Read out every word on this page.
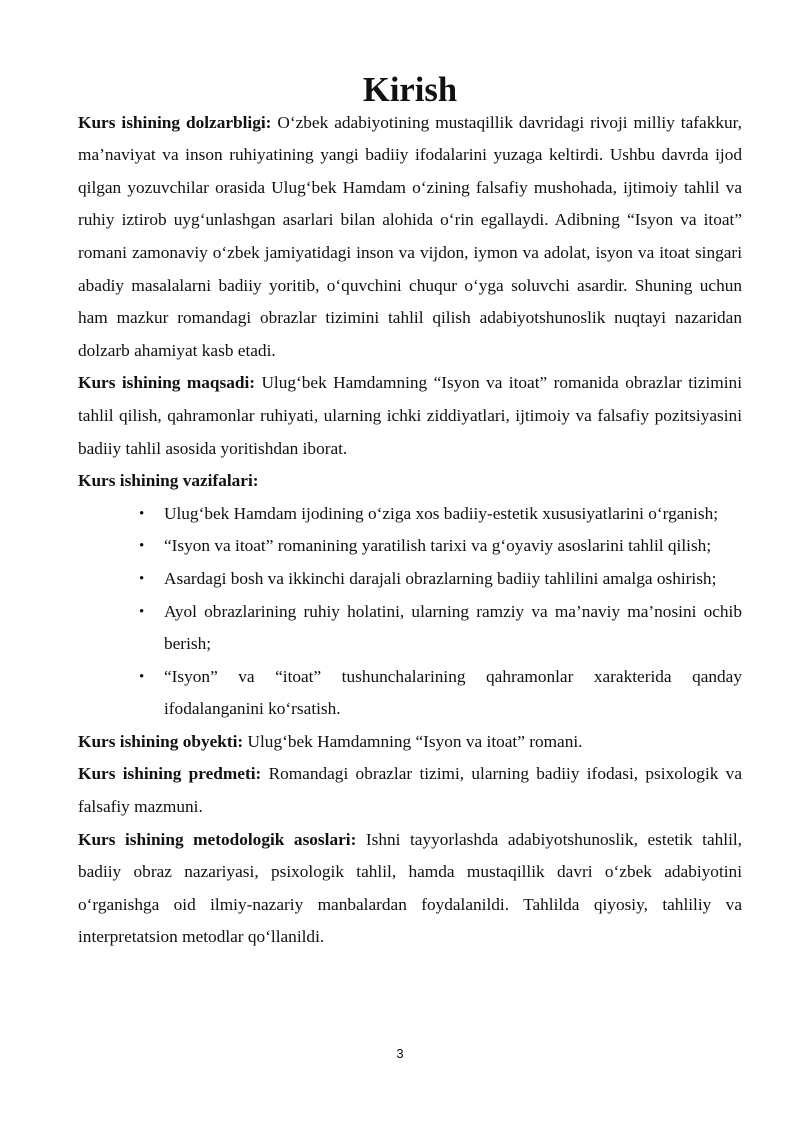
Kirish

Kurs ishining dolzarbligi: O‘zbek adabiyotining mustaqillik davridagi rivoji milliy tafakkur, ma’naviyat va inson ruhiyatining yangi badiiy ifodalarini yuzaga keltirdi. Ushbu davrda ijod qilgan yozuvchilar orasida Ulug‘bek Hamdam o‘zining falsafiy mushohada, ijtimoiy tahlil va ruhiy iztirob uyg‘unlashgan asarlari bilan alohida o‘rin egallaydi. Adibning “Isyon va itoat” romani zamonaviy o‘zbek jamiyatidagi inson va vijdon, iymon va adolat, isyon va itoat singari abadiy masalalarni badiiy yoritib, o‘quvchini chuqur o‘yga soluvchi asardir. Shuning uchun ham mazkur romandagi obrazlar tizimini tahlil qilish adabiyotshunoslik nuqtayi nazaridan dolzarb ahamiyat kasb etadi.

Kurs ishining maqsadi: Ulug‘bek Hamdamning “Isyon va itoat” romanida obrazlar tizimini tahlil qilish, qahramonlar ruhiyati, ularning ichki ziddiyatlari, ijtimoiy va falsafiy pozitsiyasini badiiy tahlil asosida yoritishdan iborat.

Kurs ishining vazifalari:

• Ulug‘bek Hamdam ijodining o‘ziga xos badiiy-estetik xususiyatlarini o‘rganish;
• “Isyon va itoat” romanining yaratilish tarixi va g‘oyaviy asoslarini tahlil qilish;
• Asardagi bosh va ikkinchi darajali obrazlarning badiiy tahlilini amalga oshirish;
• Ayol obrazlarining ruhiy holatini, ularning ramziy va ma’naviy ma’nosini ochib berish;
• “Isyon” va “itoat” tushunchalarining qahramonlar xarakterida qanday ifodalanganini ko‘rsatish.

Kurs ishining obyekti: Ulug‘bek Hamdamning “Isyon va itoat” romani.

Kurs ishining predmeti: Romandagi obrazlar tizimi, ularning badiiy ifodasi, psixologik va falsafiy mazmuni.

Kurs ishining metodologik asoslari: Ishni tayyorlashda adabiyotshunoslik, estetik tahlil, badiiy obraz nazariyasi, psixologik tahlil, hamda mustaqillik davri o‘zbek adabiyotini o‘rganishga oid ilmiy-nazariy manbalardan foydalanildi. Tahlilda qiyosiy, tahliliy va interpretatsion metodlar qo‘llanildi.

3
